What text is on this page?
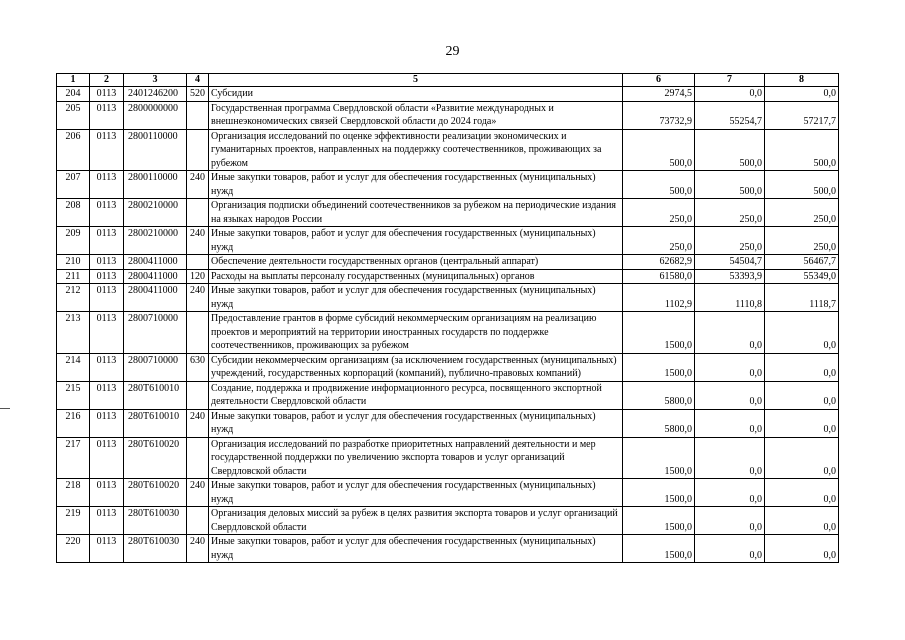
29
1	2	3	4	5	6	7	8
204	0113	2401246200	520	Субсидии	2974,5	0,0	0,0
205	0113	2800000000		Государственная программа Свердловской области «Развитие международных и внешнеэкономических связей Свердловской области до 2024 года»	73732,9	55254,7	57217,7
206	0113	2800110000		Организация исследований по оценке эффективности реализации экономических и гуманитарных проектов, направленных на поддержку соотечественников, проживающих за рубежом	500,0	500,0	500,0
207	0113	2800110000	240	Иные закупки товаров, работ и услуг для обеспечения государственных (муниципальных) нужд	500,0	500,0	500,0
208	0113	2800210000		Организация подписки объединений соотечественников за рубежом на периодические издания на языках народов России	250,0	250,0	250,0
209	0113	2800210000	240	Иные закупки товаров, работ и услуг для обеспечения государственных (муниципальных) нужд	250,0	250,0	250,0
210	0113	2800411000		Обеспечение деятельности государственных органов (центральный аппарат)	62682,9	54504,7	56467,7
211	0113	2800411000	120	Расходы на выплаты персоналу государственных (муниципальных) органов	61580,0	53393,9	55349,0
212	0113	2800411000	240	Иные закупки товаров, работ и услуг для обеспечения государственных (муниципальных) нужд	1102,9	1110,8	1118,7
213	0113	2800710000		Предоставление грантов в форме субсидий некоммерческим организациям на реализацию проектов и мероприятий на территории иностранных государств по поддержке соотечественников, проживающих за рубежом	1500,0	0,0	0,0
214	0113	2800710000	630	Субсидии некоммерческим организациям (за исключением государственных (муниципальных) учреждений, государственных корпораций (компаний), публично-правовых компаний)	1500,0	0,0	0,0
215	0113	280T610010		Создание, поддержка и продвижение информационного ресурса, посвященного экспортной деятельности Свердловской области	5800,0	0,0	0,0
216	0113	280T610010	240	Иные закупки товаров, работ и услуг для обеспечения государственных (муниципальных) нужд	5800,0	0,0	0,0
217	0113	280T610020		Организация исследований по разработке приоритетных направлений деятельности и мер государственной поддержки по увеличению экспорта товаров и услуг организаций Свердловской области	1500,0	0,0	0,0
218	0113	280T610020	240	Иные закупки товаров, работ и услуг для обеспечения государственных (муниципальных) нужд	1500,0	0,0	0,0
219	0113	280T610030		Организация деловых миссий за рубеж в целях развития экспорта товаров и услуг организаций Свердловской области	1500,0	0,0	0,0
220	0113	280T610030	240	Иные закупки товаров, работ и услуг для обеспечения государственных (муниципальных) нужд	1500,0	0,0	0,0
